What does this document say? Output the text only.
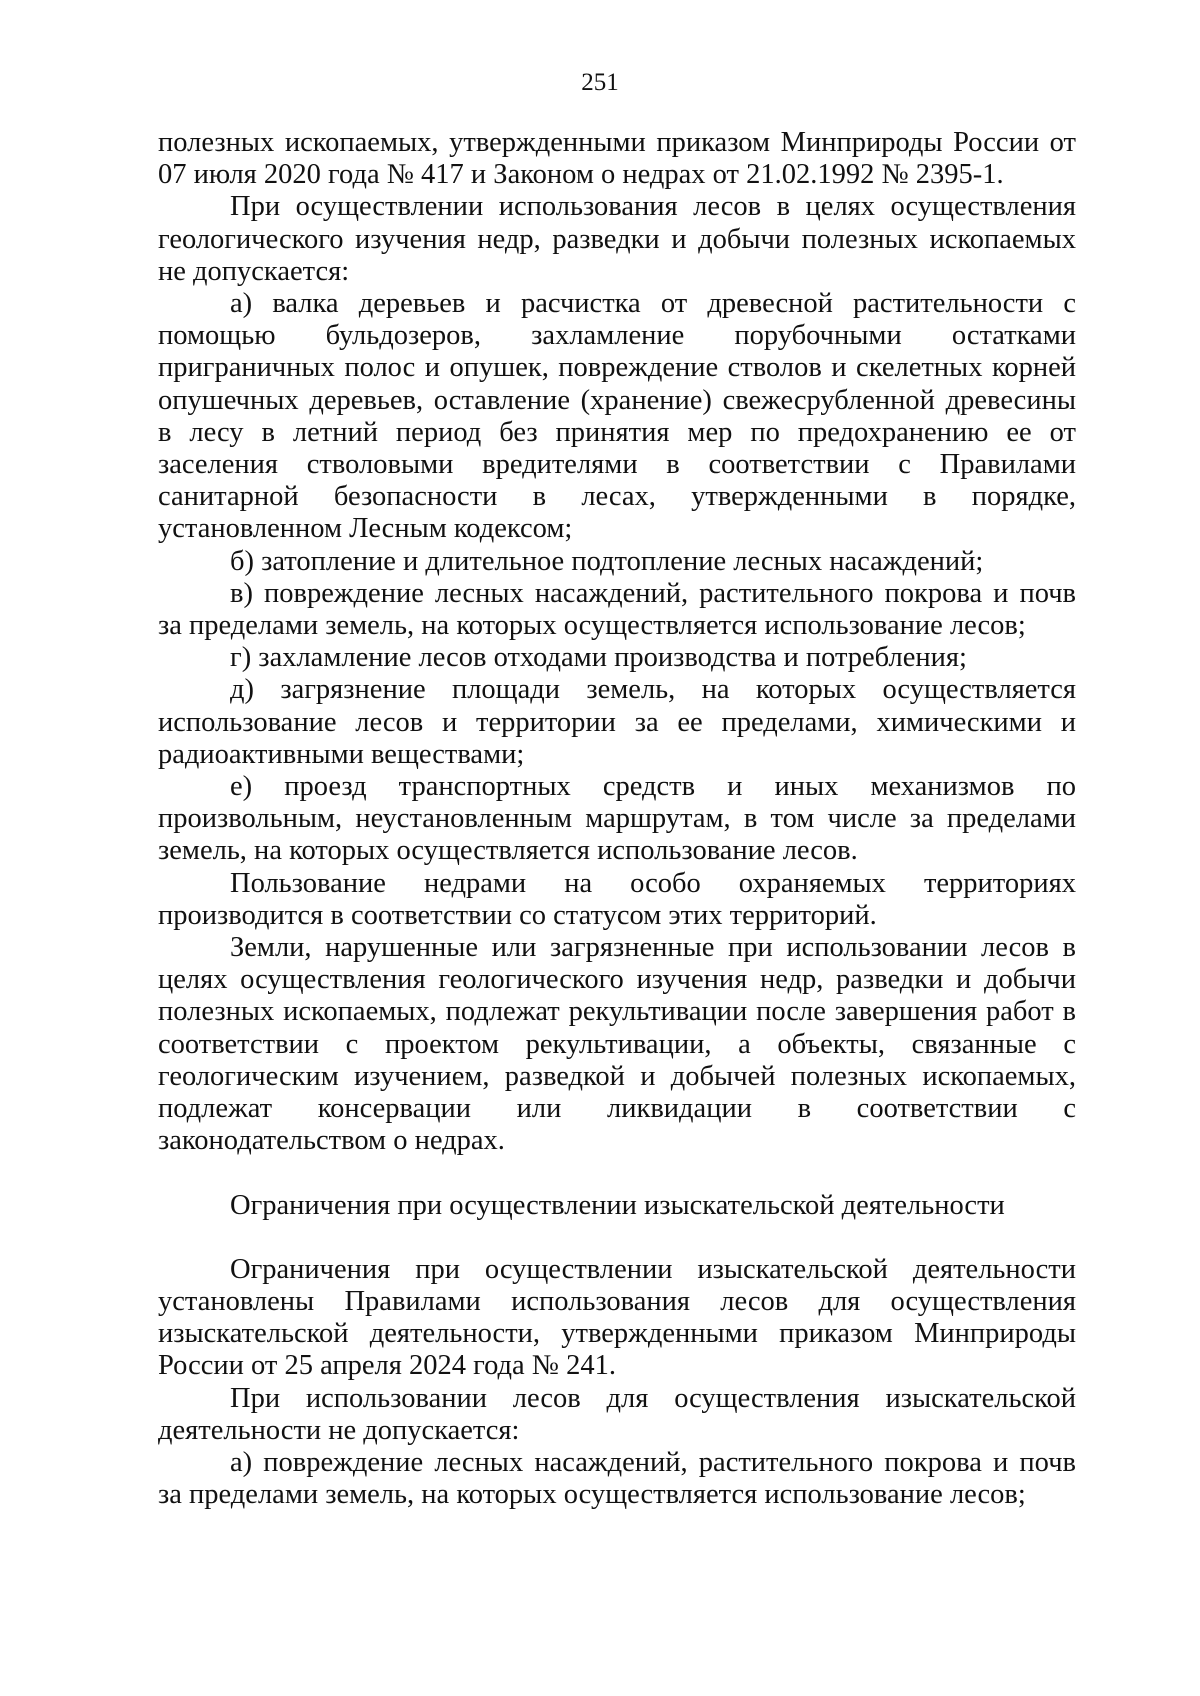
251

полезных ископаемых, утвержденными приказом Минприроды России от 07 июля 2020 года № 417 и Законом о недрах от 21.02.1992 № 2395-1.

При осуществлении использования лесов в целях осуществления геологического изучения недр, разведки и добычи полезных ископаемых не допускается:

а) валка деревьев и расчистка от древесной растительности с помощью бульдозеров, захламление порубочными остатками приграничных полос и опушек, повреждение стволов и скелетных корней опушечных деревьев, оставление (хранение) свежесрубленной древесины в лесу в летний период без принятия мер по предохранению ее от заселения стволовыми вредителями в соответствии с Правилами санитарной безопасности в лесах, утвержденными в порядке, установленном Лесным кодексом;

б) затопление и длительное подтопление лесных насаждений;

в) повреждение лесных насаждений, растительного покрова и почв за пределами земель, на которых осуществляется использование лесов;

г) захламление лесов отходами производства и потребления;

д) загрязнение площади земель, на которых осуществляется использование лесов и территории за ее пределами, химическими и радиоактивными веществами;

е) проезд транспортных средств и иных механизмов по произвольным, неустановленным маршрутам, в том числе за пределами земель, на которых осуществляется использование лесов.

Пользование недрами на особо охраняемых территориях производится в соответствии со статусом этих территорий.

Земли, нарушенные или загрязненные при использовании лесов в целях осуществления геологического изучения недр, разведки и добычи полезных ископаемых, подлежат рекультивации после завершения работ в соответствии с проектом рекультивации, а объекты, связанные с геологическим изучением, разведкой и добычей полезных ископаемых, подлежат консервации или ликвидации в соответствии с законодательством о недрах.

Ограничения при осуществлении изыскательской деятельности

Ограничения при осуществлении изыскательской деятельности установлены Правилами использования лесов для осуществления изыскательской деятельности, утвержденными приказом Минприроды России от 25 апреля 2024 года № 241.

При использовании лесов для осуществления изыскательской деятельности не допускается:

а) повреждение лесных насаждений, растительного покрова и почв за пределами земель, на которых осуществляется использование лесов;
